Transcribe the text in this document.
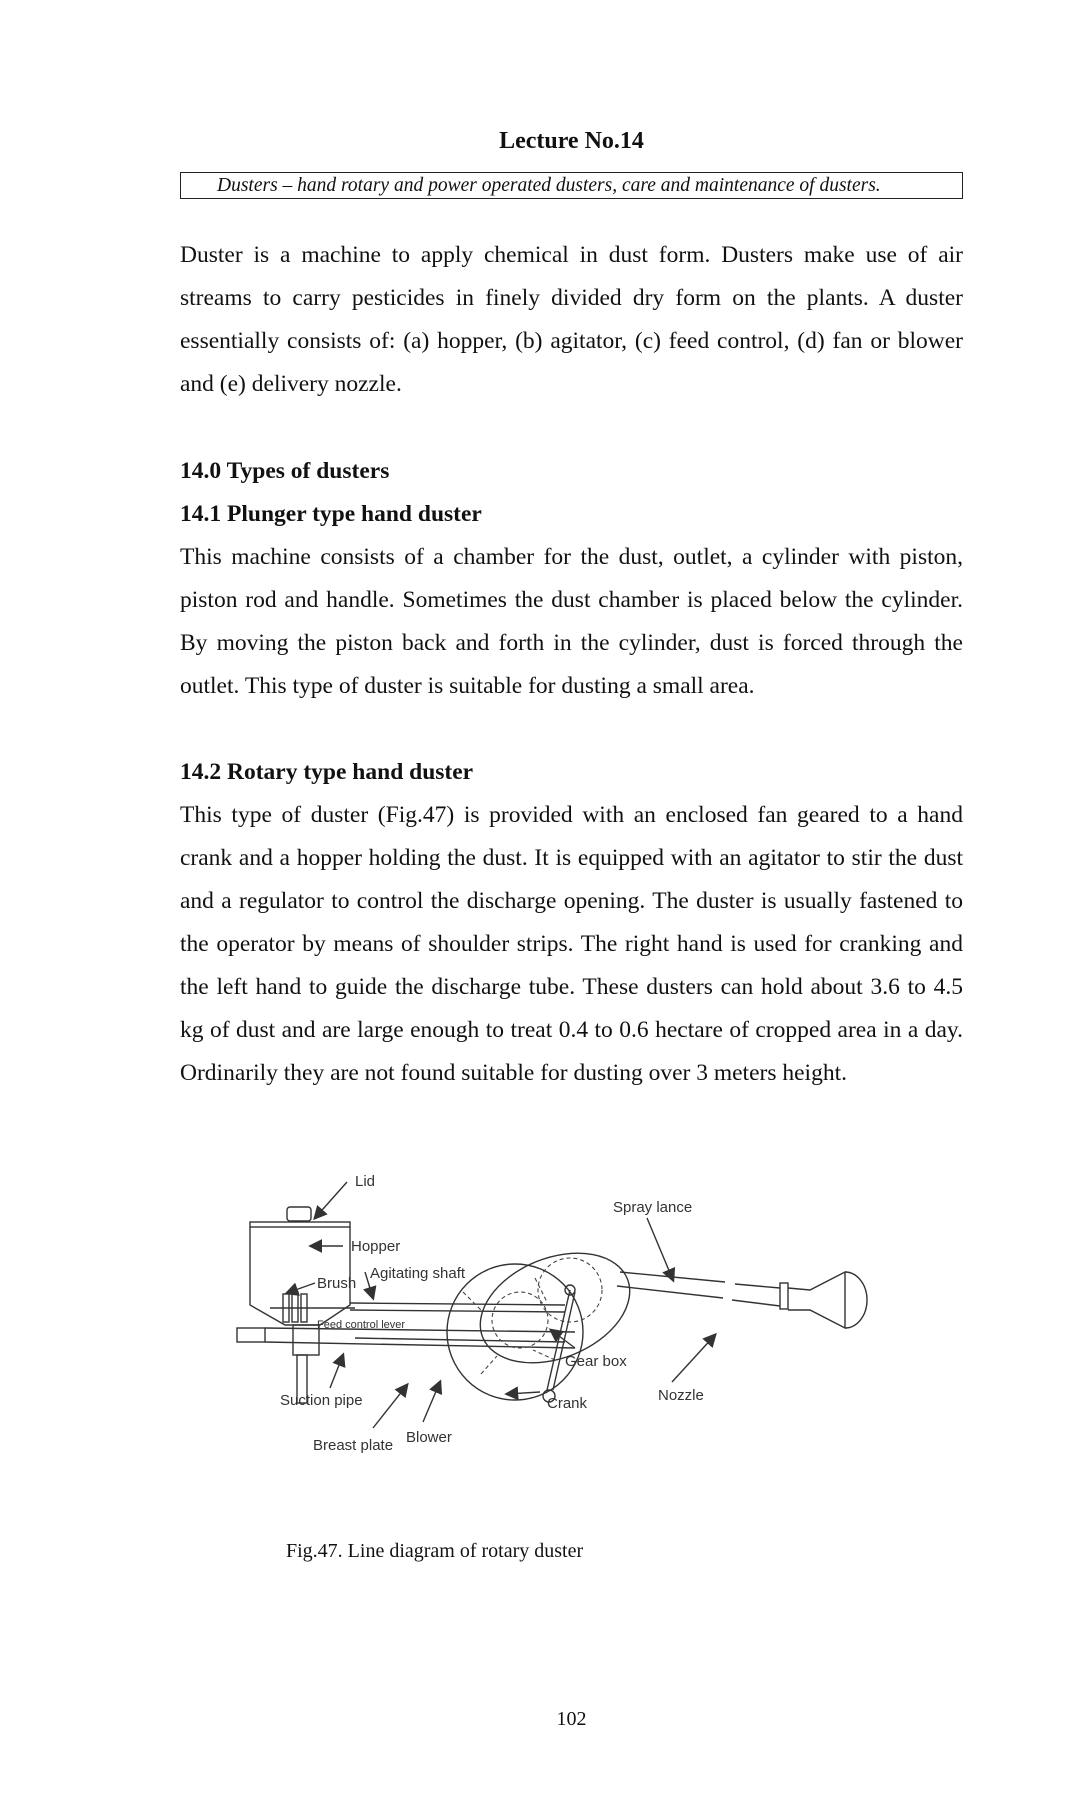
Lecture No.14
Dusters – hand rotary and power operated dusters, care and maintenance of dusters.

Duster is a machine to apply chemical in dust form. Dusters make use of air streams to carry pesticides in finely divided dry form on the plants. A duster essentially consists of: (a) hopper, (b) agitator, (c) feed control, (d) fan or blower and (e) delivery nozzle.

14.0 Types of dusters

14.1 Plunger type hand duster

This machine consists of a chamber for the dust, outlet, a cylinder with piston, piston rod and handle. Sometimes the dust chamber is placed below the cylinder. By moving the piston back and forth in the cylinder, dust is forced through the outlet. This type of duster is suitable for dusting a small area.

14.2 Rotary type hand duster

This type of duster (Fig.47) is provided with an enclosed fan geared to a hand crank and a hopper holding the dust. It is equipped with an agitator to stir the dust and a regulator to control the discharge opening. The duster is usually fastened to the operator by means of shoulder strips. The right hand is used for cranking and the left hand to guide the discharge tube. These dusters can hold about 3.6 to 4.5 kg of dust and are large enough to treat 0.4 to 0.6 hectare of cropped area in a day. Ordinarily they are not found suitable for dusting over 3 meters height.

Lid
Hopper
Agitating shaft
Brush
Feed control lever
Suction pipe
Breast plate Blower
Crank
Gear box
Spray lance
Nozzle
Fig.47. Line diagram of rotary duster
102
